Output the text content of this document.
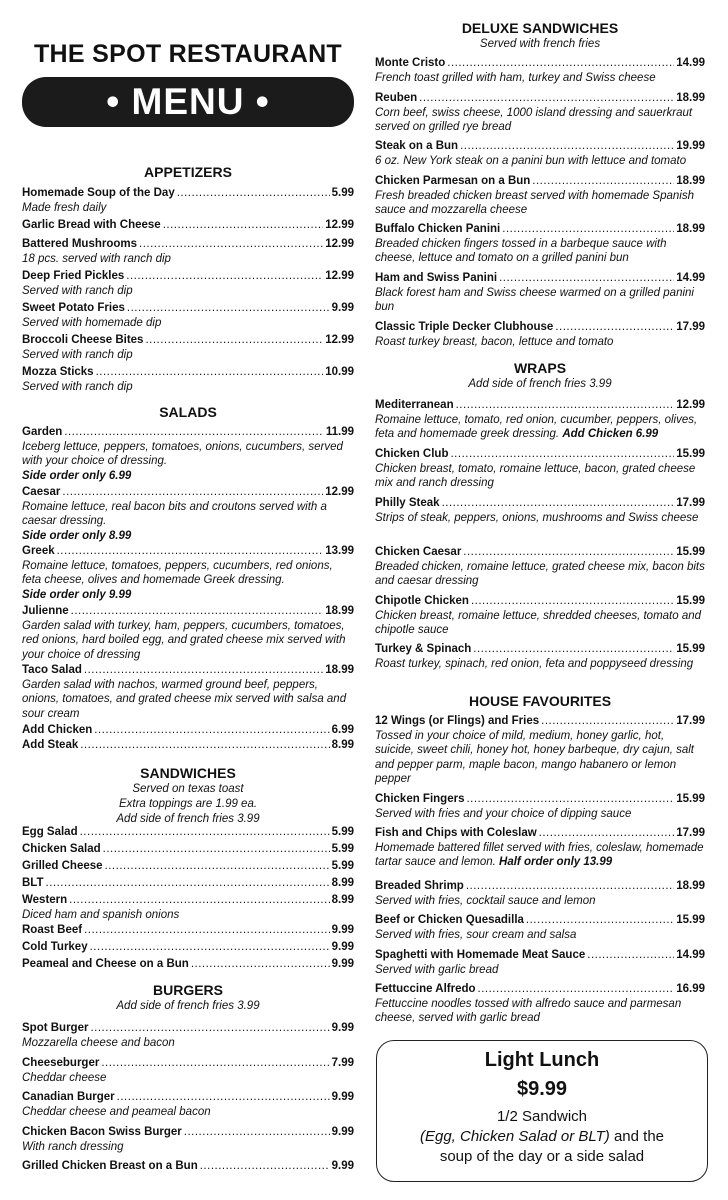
THE SPOT RESTAURANT
• MENU •
APPETIZERS
Homemade Soup of the Day .....	5.99
Made fresh daily
Garlic Bread with Cheese .....	12.99
Battered Mushrooms .....	12.99
18 pcs. served with ranch dip
Deep Fried Pickles .....	12.99
Served with ranch dip
Sweet Potato Fries .....	9.99
Served with homemade dip
Broccoli Cheese Bites .....	12.99
Served with ranch dip
Mozza Sticks .....	10.99
Served with ranch dip
SALADS
Garden .....	11.99
Iceberg lettuce, peppers, tomatoes, onions, cucumbers, served with your choice of dressing.
Side order only 6.99
Caesar .....	12.99
Romaine lettuce, real bacon bits and croutons served with a caesar dressing.
Side order only 8.99
Greek .....	13.99
Romaine lettuce, tomatoes, peppers, cucumbers, red onions, feta cheese, olives and homemade Greek dressing.
Side order only 9.99
Julienne .....	18.99
Garden salad with turkey, ham, peppers, cucumbers, tomatoes, red onions, hard boiled egg, and grated cheese mix served with your choice of dressing
Taco Salad .....	18.99
Garden salad with nachos, warmed ground beef, peppers, onions, tomatoes, and grated cheese mix served with salsa and sour cream
Add Chicken .....	6.99
Add Steak .....	8.99
SANDWICHES
Served on texas toast
Extra toppings are 1.99 ea.
Add side of french fries 3.99
Egg Salad .....	5.99
Chicken Salad .....	5.99
Grilled Cheese .....	5.99
BLT .....	8.99
Western .....	8.99
Diced ham and spanish onions
Roast Beef .....	9.99
Cold Turkey .....	9.99
Peameal and Cheese on a Bun .....	9.99
BURGERS
Add side of french fries 3.99
Spot Burger .....	9.99
Mozzarella cheese and bacon
Cheeseburger .....	7.99
Cheddar cheese
Canadian Burger .....	9.99
Cheddar cheese and peameal bacon
Chicken Bacon Swiss Burger .....	9.99
With ranch dressing
Grilled Chicken Breast on a Bun .....	9.99
DELUXE SANDWICHES
Served with french fries
Monte Cristo .....	14.99
French toast grilled with ham, turkey and Swiss cheese
Reuben .....	18.99
Corn beef, swiss cheese, 1000 island dressing and sauerkraut served on grilled rye bread
Steak on a Bun .....	19.99
6 oz. New York steak on a panini bun with lettuce and tomato
Chicken Parmesan on a Bun .....	18.99
Fresh breaded chicken breast served with homemade Spanish sauce and mozzarella cheese
Buffalo Chicken Panini .....	18.99
Breaded chicken fingers tossed in a barbeque sauce with cheese, lettuce and tomato on a grilled panini bun
Ham and Swiss Panini .....	14.99
Black forest ham and Swiss cheese warmed on a grilled panini bun
Classic Triple Decker Clubhouse .....	17.99
Roast turkey breast, bacon, lettuce and tomato
WRAPS
Add side of french fries 3.99
Mediterranean .....	12.99
Romaine lettuce, tomato, red onion, cucumber, peppers, olives, feta and homemade greek dressing. Add Chicken 6.99
Chicken Club .....	15.99
Chicken breast, tomato, romaine lettuce, bacon, grated cheese mix and ranch dressing
Philly Steak .....	17.99
Strips of steak, peppers, onions, mushrooms and Swiss cheese
Chicken Caesar .....	15.99
Breaded chicken, romaine lettuce, grated cheese mix, bacon bits and caesar dressing
Chipotle Chicken .....	15.99
Chicken breast, romaine lettuce, shredded cheeses, tomato and chipotle sauce
Turkey & Spinach .....	15.99
Roast turkey, spinach, red onion, feta and poppyseed dressing
HOUSE FAVOURITES
12 Wings (or Flings) and Fries .....	17.99
Tossed in your choice of mild, medium, honey garlic, hot, suicide, sweet chili, honey hot, honey barbeque, dry cajun, salt and pepper parm, maple bacon, mango habanero or lemon pepper
Chicken Fingers .....	15.99
Served with fries and your choice of dipping sauce
Fish and Chips with Coleslaw .....	17.99
Homemade battered fillet served with fries, coleslaw, homemade tartar sauce and lemon. Half order only 13.99
Breaded Shrimp .....	18.99
Served with fries, cocktail sauce and lemon
Beef or Chicken Quesadilla .....	15.99
Served with fries, sour cream and salsa
Spaghetti with Homemade Meat Sauce .....	14.99
Served with garlic bread
Fettuccine Alfredo .....	16.99
Fettuccine noodles tossed with alfredo sauce and parmesan cheese, served with garlic bread
Light Lunch
$9.99
1/2 Sandwich
(Egg, Chicken Salad or BLT) and the
soup of the day or a side salad
